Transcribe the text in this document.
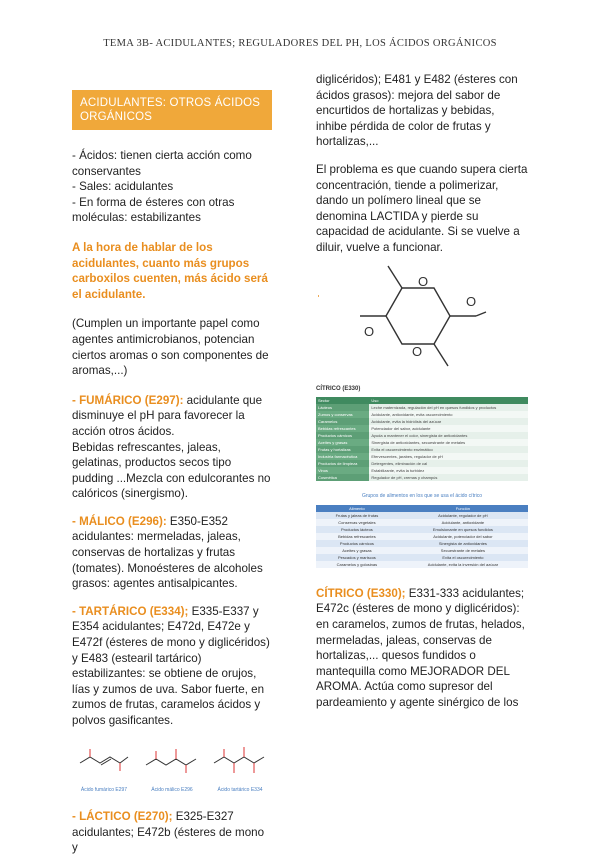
TEMA 3B- ACIDULANTES; REGULADORES DEL PH, LOS ÁCIDOS ORGÁNICOS
ACIDULANTES: OTROS ÁCIDOS ORGÁNICOS

- Ácidos: tienen cierta acción como conservantes

- Sales: acidulantes

- En forma de ésteres con otras moléculas: estabilizantes

A la hora de hablar de los acidulantes, cuanto más grupos carboxilos cuenten, más ácido será el acidulante.

(Cumplen un importante papel como agentes antimicrobianos, potencian ciertos aromas o son componentes de aromas,...)

- FUMÁRICO (E297): acidulante que disminuye el pH para favorecer la acción otros ácidos.

Bebidas refrescantes, jaleas, gelatinas, productos secos tipo pudding ...Mezcla con edulcorantes no calóricos (sinergismo).

- MÁLICO (E296): E350-E352 acidulantes: mermeladas, jaleas, conservas de hortalizas y frutas (tomates). Monoésteres de alcoholes grasos: agentes antisalpicantes.

- TARTÁRICO (E334); E335-E337 y E354 acidulantes; E472d, E472e y E472f (ésteres de mono y diglicéridos) y E483 (estearil tartárico) estabilizantes: se obtiene de orujos, lías y zumos de uva. Sabor fuerte, en zumos de frutas, caramelos ácidos y polvos gasificantes.

Ácido fumárico E297	Ácido málico E296	Ácido tartárico E334

- LÁCTICO (E270); E325-E327 acidulantes; E472b (ésteres de mono y

diglicéridos); E481 y E482 (ésteres con ácidos grasos): mejora del sabor de encurtidos de hortalizas y bebidas, inhibe pérdida de color de frutas y hortalizas,...

El problema es que cuando supera cierta concentración, tiende a polimerizar, dando un polímero lineal que se denomina LACTIDA y pierde su capacidad de acidulante. Si se vuelve a diluir, vuelve a funcionar.

O
O
O
O
CÍTRICO (E330)
Sector	Uso
Lácteos	Leche maternizada, regulación del pH en quesos fundidos y productos
Zumos y conservas	Acidulante, antioxidante, evita oscurecimiento
Caramelos	Acidulante, evita la hidrólisis del azúcar
Bebidas refrescantes	Potenciador del sabor, acidulante
Productos cárnicos	Ayuda a mantener el color, sinergista de antioxidantes
Aceites y grasas	Sinergista de antioxidantes, secuestrante de metales
Frutas y hortalizas	Evita el oscurecimiento enzimático
Industria farmacéutica	Efervescentes, jarabes, regulador de pH
Productos de limpieza	Detergentes, eliminación de cal
Vinos	Estabilizante, evita la turbidez
Cosmética	Regulador de pH, cremas y champús
Grupos de alimentos en los que se usa el ácido cítrico
Alimento	Función
Frutas y jaleas de frutas	Acidulante, regulador de pH
Conservas vegetales	Acidulante, antioxidante
Productos lácteos	Emulsionante en quesos fundidos
Bebidas refrescantes	Acidulante, potenciador del sabor
Productos cárnicos	Sinergista de antioxidantes
Aceites y grasas	Secuestrante de metales
Pescados y mariscos	Evita el oscurecimiento
Caramelos y golosinas	Acidulante, evita la inversión del azúcar

CÍTRICO (E330); E331-333 acidulantes; E472c (ésteres de mono y diglicéridos): en caramelos, zumos de frutas, helados, mermeladas, jaleas, conservas de hortalizas,... quesos fundidos o mantequilla como MEJORADOR DEL AROMA. Actúa como supresor del pardeamiento y agente sinérgico de los
